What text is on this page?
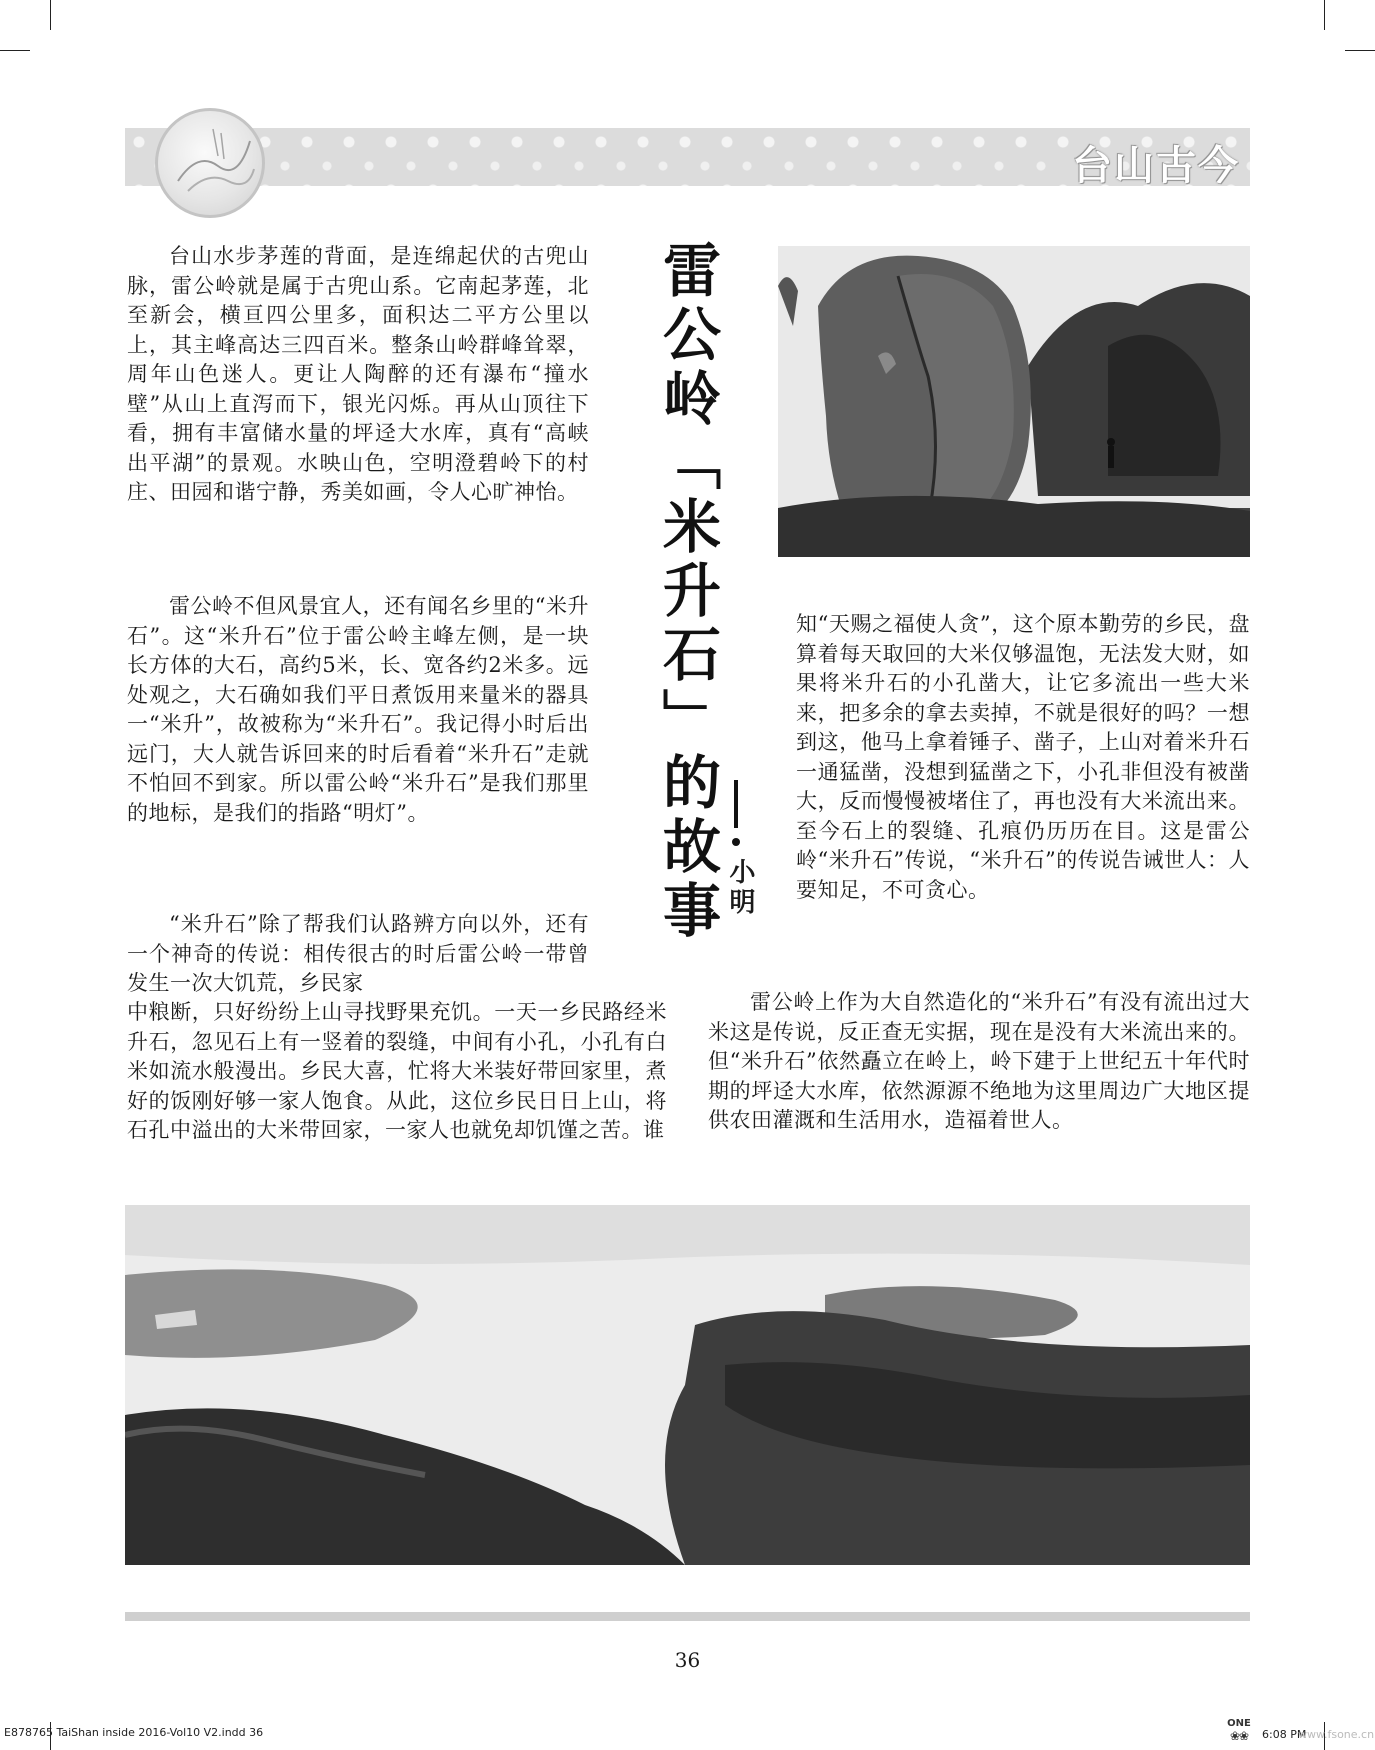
台山古今
雷公岭「米升石」的故事 小明

台山水步茅莲的背面，是连绵起伏的古兜山脉，雷公岭就是属于古兜山系。它南起茅莲，北至新会，横亘四公里多，面积达二平方公里以上，其主峰高达三四百米。整条山岭群峰耸翠，周年山色迷人。更让人陶醉的还有瀑布“撞水壁”从山上直泻而下，银光闪烁。再从山顶往下看，拥有丰富储水量的坪迳大水库，真有“高峡出平湖”的景观。水映山色，空明澄碧岭下的村庄、田园和谐宁静，秀美如画，令人心旷神怡。

雷公岭不但风景宜人，还有闻名乡里的“米升石”。这“米升石”位于雷公岭主峰左侧，是一块长方体的大石，高约5米，长、宽各约2米多。远处观之，大石确如我们平日煮饭用来量米的器具一“米升”，故被称为“米升石”。我记得小时后出远门，大人就告诉回来的时后看着“米升石”走就不怕回不到家。所以雷公岭“米升石”是我们那里的地标，是我们的指路“明灯”。

“米升石”除了帮我们认路辨方向以外，还有一个神奇的传说：相传很古的时后雷公岭一带曾发生一次大饥荒，乡民家

中粮断，只好纷纷上山寻找野果充饥。一天一乡民路经米升石，忽见石上有一竖着的裂缝，中间有小孔，小孔有白米如流水般漫出。乡民大喜，忙将大米装好带回家里，煮好的饭刚好够一家人饱食。从此，这位乡民日日上山，将石孔中溢出的大米带回家，一家人也就免却饥馑之苦。谁

知“天赐之福使人贪”，这个原本勤劳的乡民，盘算着每天取回的大米仅够温饱，无法发大财，如果将米升石的小孔凿大，让它多流出一些大米来，把多余的拿去卖掉，不就是很好的吗？一想到这，他马上拿着锤子、凿子，上山对着米升石一通猛凿，没想到猛凿之下，小孔非但没有被凿大，反而慢慢被堵住了，再也没有大米流出来。至今石上的裂缝、孔痕仍历历在目。这是雷公岭“米升石”传说，“米升石”的传说告诫世人：人要知足，不可贪心。

雷公岭上作为大自然造化的“米升石”有没有流出过大米这是传说，反正查无实据，现在是没有大米流出来的。但“米升石”依然矗立在岭上，岭下建于上世纪五十年代时期的坪迳大水库，依然源源不绝地为这里周边广大地区提供农田灌溉和生活用水，造福着世人。

36
E878765 TaiShan inside 2016-Vol10 V2.indd 36
ONE
❀❀	6:08 PM
www.fsone.cn
